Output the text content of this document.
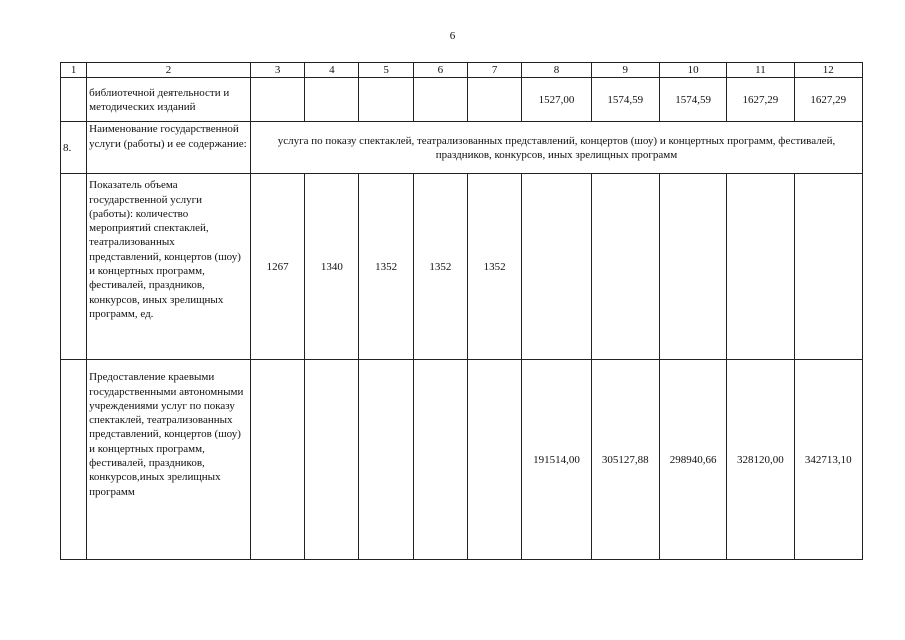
6
1	2	3	4	5	6	7	8	9	10	11	12
	библиотечной деятельности и методических изданий						1527,00	1574,59	1574,59	1627,29	1627,29
8.	Наименование государственной услуги (работы) и ее содержание:	услуга по показу спектаклей, театрализованных представлений, концертов (шоу) и концертных программ, фестивалей, праздников, конкурсов, иных зрелищных программ									
	Показатель объема государственной услуги (работы): количество мероприятий спектаклей, театрализованных представлений, концертов (шоу) и концертных программ, фестивалей, праздников, конкурсов, иных зрелищных программ, ед.	1267	1340	1352	1352	1352					
	Предоставление краевыми государственными автономными учреждениями услуг по показу спектаклей, театрализованных представлений, концертов (шоу) и концертных программ, фестивалей, праздников, конкурсов,иных зрелищных программ						191514,00	305127,88	298940,66	328120,00	342713,10
